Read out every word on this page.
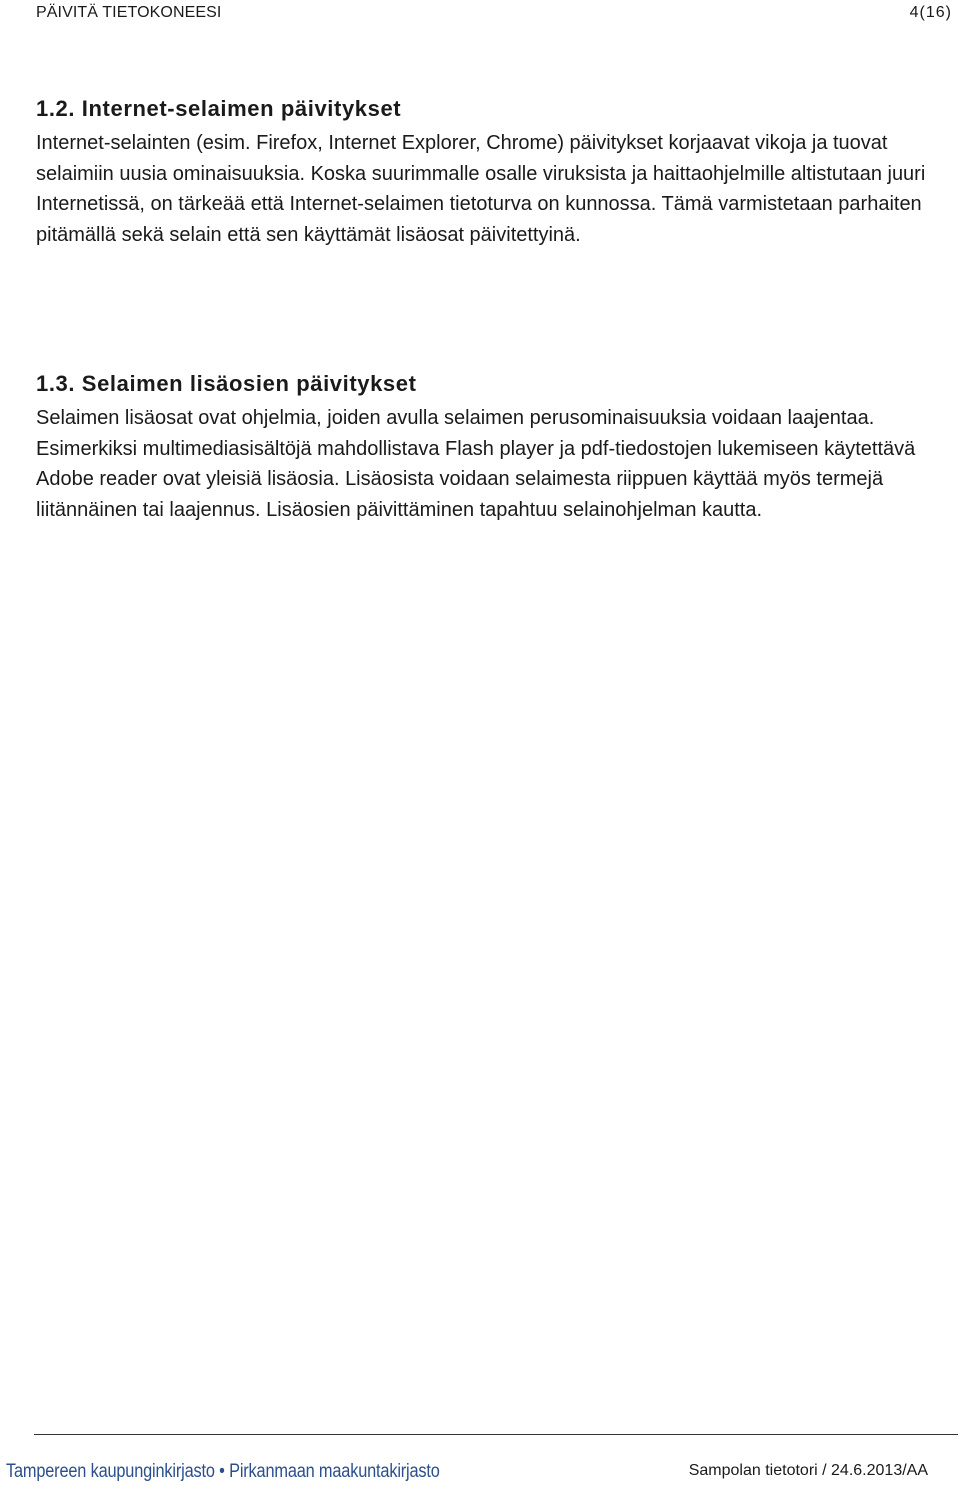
PÄIVITÄ TIETOKONEESI	4(16)
1.2. Internet-selaimen päivitykset

Internet-selainten (esim. Firefox, Internet Explorer, Chrome) päivitykset korjaavat vikoja ja tuovat selaimiin uusia ominaisuuksia. Koska suurimmalle osalle viruksista ja haittaohjelmille altistutaan juuri Internetissä, on tärkeää että Internet-selaimen tietoturva on kunnossa. Tämä varmistetaan parhaiten pitämällä sekä selain että sen käyttämät lisäosat päivitettyinä.

1.3. Selaimen lisäosien päivitykset

Selaimen lisäosat ovat ohjelmia, joiden avulla selaimen perusominaisuuksia voidaan laajentaa. Esimerkiksi multimediasisältöjä mahdollistava Flash player ja pdf-tiedostojen lukemiseen käytettävä Adobe reader ovat yleisiä lisäosia. Lisäosista voidaan selaimesta riippuen käyttää myös termejä liitännäinen tai laajennus. Lisäosien päivittäminen tapahtuu selainohjelman kautta.

Tampereen kaupunginkirjasto • Pirkanmaan maakuntakirjasto	Sampolan tietotori / 24.6.2013/AA
